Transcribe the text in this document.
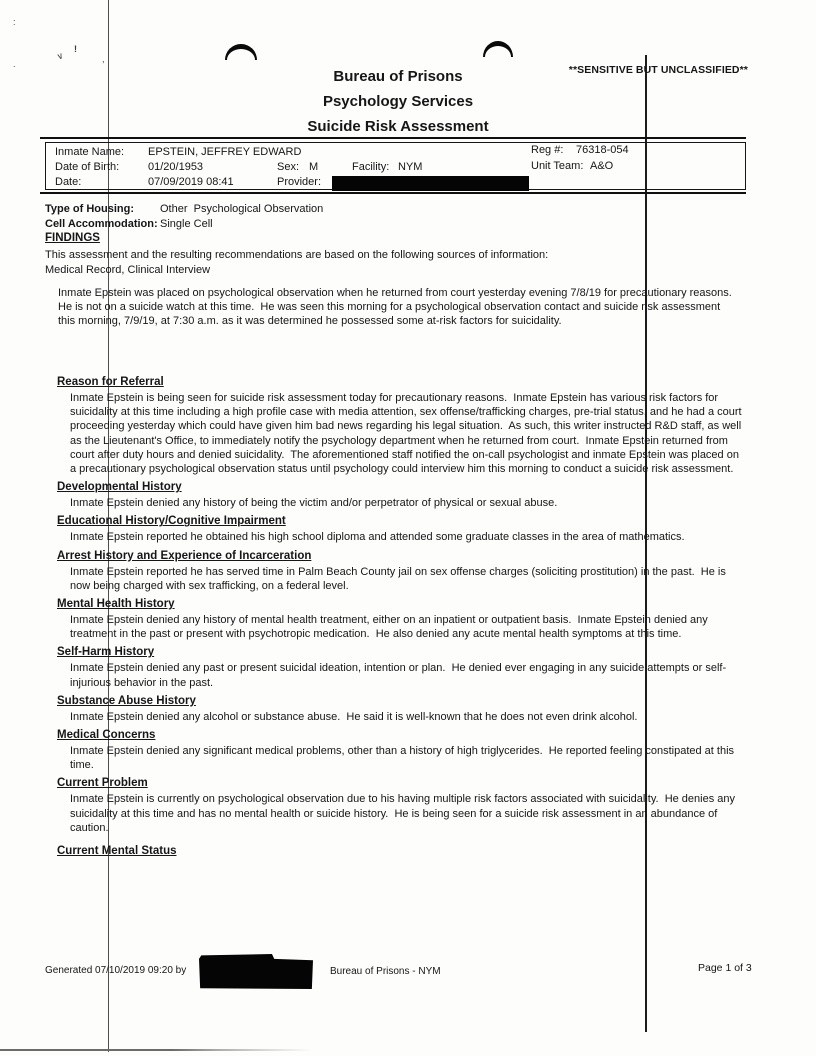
:
∨
!
.	,
**SENSITIVE BUT UNCLASSIFIED**
Bureau of Prisons
Psychology Services
Suicide Risk Assessment
Inmate Name: EPSTEIN, JEFFREY EDWARD	Reg #: 76318-054
Date of Birth:	01/20/1953	Sex: M	Facility: NYM	Unit Team: A&O
Date:	07/09/2019 08:41	Provider:
Type of Housing: Other  Psychological Observation
Cell Accommodation: Single Cell
FINDINGS
This assessment and the resulting recommendations are based on the following sources of information:
Medical Record, Clinical Interview
Inmate Epstein was placed on psychological observation when he returned from court yesterday evening 7/8/19 for precautionary reasons.  He is not on a suicide watch at this time.  He was seen this morning for a psychological observation contact and suicide risk assessment this morning, 7/9/19, at 7:30 a.m. as it was determined he possessed some at-risk factors for suicidality.
Reason for Referral

Inmate Epstein is being seen for suicide risk assessment today for precautionary reasons.  Inmate Epstein has various risk factors for suicidality at this time including a high profile case with media attention, sex offense/trafficking charges, pre-trial status, and he had a court proceeding yesterday which could have given him bad news regarding his legal situation.  As such, this writer instructed R&D staff, as well as the Lieutenant's Office, to immediately notify the psychology department when he returned from court.  Inmate Epstein returned from court after duty hours and denied suicidality.  The aforementioned staff notified the on-call psychologist and inmate Epstein was placed on a precautionary psychological observation status until psychology could interview him this morning to conduct a suicide risk assessment.

Developmental History

Inmate Epstein denied any history of being the victim and/or perpetrator of physical or sexual abuse.

Educational History/Cognitive Impairment

Inmate Epstein reported he obtained his high school diploma and attended some graduate classes in the area of mathematics.

Arrest History and Experience of Incarceration

Inmate Epstein reported he has served time in Palm Beach County jail on sex offense charges (soliciting prostitution) in the past.  He is now being charged with sex trafficking, on a federal level.

Mental Health History

Inmate Epstein denied any history of mental health treatment, either on an inpatient or outpatient basis.  Inmate Epstein denied any treatment in the past or present with psychotropic medication.  He also denied any acute mental health symptoms at this time.

Self-Harm History

Inmate Epstein denied any past or present suicidal ideation, intention or plan.  He denied ever engaging in any suicide attempts or self-injurious behavior in the past.

Substance Abuse History

Inmate Epstein denied any alcohol or substance abuse.  He said it is well-known that he does not even drink alcohol.

Medical Concerns

Inmate Epstein denied any significant medical problems, other than a history of high triglycerides.  He reported feeling constipated at this time.

Current Problem

Inmate Epstein is currently on psychological observation due to his having multiple risk factors associated with suicidality.  He denies any suicidality at this time and has no mental health or suicide history.  He is being seen for a suicide risk assessment in an abundance of caution.

Current Mental Status
Generated 07/10/2019 09:20 by	Bureau of Prisons - NYM	Page 1 of 3
